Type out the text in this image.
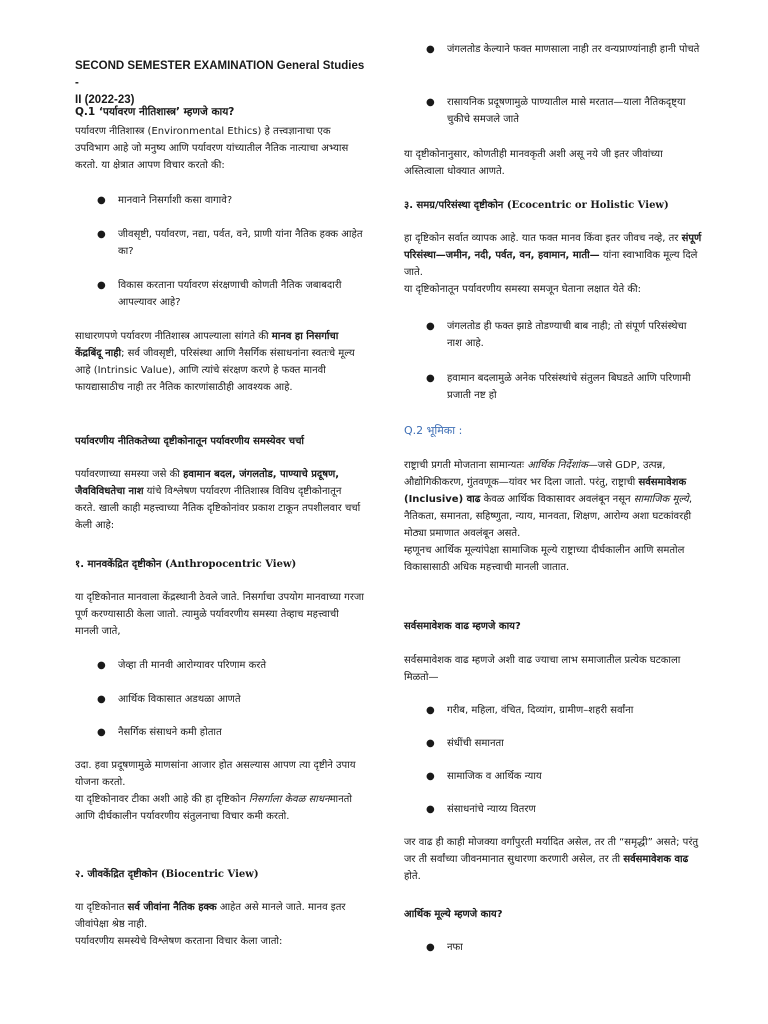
SECOND SEMESTER EXAMINATION General Studies -
II (2022-23)

Q.1 ‘पर्यावरण नीतिशास्त्र’ म्हणजे काय?

पर्यावरण नीतिशास्त्र (Environmental Ethics) हे तत्त्वज्ञानाचा एक उपविभाग आहे जो मनुष्य आणि पर्यावरण यांच्यातील नैतिक नात्याचा अभ्यास करतो. या क्षेत्रात आपण विचार करतो की:

● मानवाने निसर्गाशी कसा वागावे?
● जीवसृष्टी, पर्यावरण, नद्या, पर्वत, वने, प्राणी यांना नैतिक हक्क आहेत का?
● विकास करताना पर्यावरण संरक्षणाची कोणती नैतिक जबाबदारी आपल्यावर आहे?

साधारणपणे पर्यावरण नीतिशास्त्र आपल्याला सांगते की मानव हा निसर्गाचा केंद्रबिंदू नाही; सर्व जीवसृष्टी, परिसंस्था आणि नैसर्गिक संसाधनांना स्वतःचे मूल्य आहे (Intrinsic Value), आणि त्यांचे संरक्षण करणे हे फक्त मानवी फायद्यासाठीच नाही तर नैतिक कारणांसाठीही आवश्यक आहे.

पर्यावरणीय नीतिकतेच्या दृष्टीकोनातून पर्यावरणीय समस्येवर चर्चा

पर्यावरणाच्या समस्या जसे की हवामान बदल, जंगलतोड, पाण्याचे प्रदूषण, जैवविविधतेचा नाश यांचे विश्लेषण पर्यावरण नीतिशास्त्र विविध दृष्टीकोनातून करते. खाली काही महत्त्वाच्या नैतिक दृष्टिकोनांवर प्रकाश टाकून तपशीलवार चर्चा केली आहे:

१. मानवकेंद्रित दृष्टीकोन (Anthropocentric View)

या दृष्टिकोनात मानवाला केंद्रस्थानी ठेवले जाते. निसर्गाचा उपयोग मानवाच्या गरजा पूर्ण करण्यासाठी केला जातो. त्यामुळे पर्यावरणीय समस्या तेव्हाच महत्त्वाची मानली जाते,

● जेव्हा ती मानवी आरोग्यावर परिणाम करते
● आर्थिक विकासात अडथळा आणते
● नैसर्गिक संसाधने कमी होतात

उदा. हवा प्रदूषणामुळे माणसांना आजार होत असल्यास आपण त्या दृष्टीने उपाय योजना करतो.
या दृष्टिकोनावर टीका अशी आहे की हा दृष्टिकोन निसर्गाला केवळ साधनमानतो आणि दीर्घकालीन पर्यावरणीय संतुलनाचा विचार कमी करतो.

२. जीवकेंद्रित दृष्टीकोन (Biocentric View)

या दृष्टिकोनात सर्व जीवांना नैतिक हक्क आहेत असे मानले जाते. मानव इतर जीवांपेक्षा श्रेष्ठ नाही.
पर्यावरणीय समस्येचे विश्लेषण करताना विचार केला जातो:

● जंगलतोड केल्याने फक्त माणसाला नाही तर वन्यप्राण्यांनाही हानी पोचते
● रासायनिक प्रदूषणामुळे पाण्यातील मासे मरतात—याला नैतिकदृष्ट्या चुकीचे समजले जाते

या दृष्टीकोनानुसार, कोणतीही मानवकृती अशी असू नये जी इतर जीवांच्या अस्तित्वाला धोक्यात आणते.

३. समग्र/परिसंस्था दृष्टीकोन (Ecocentric or Holistic View)

हा दृष्टिकोन सर्वात व्यापक आहे. यात फक्त मानव किंवा इतर जीवच नव्हे, तर संपूर्ण परिसंस्था—जमीन, नदी, पर्वत, वन, हवामान, माती— यांना स्वाभाविक मूल्य दिले जाते.
या दृष्टिकोनातून पर्यावरणीय समस्या समजून घेताना लक्षात येते की:

● जंगलतोड ही फक्त झाडे तोडण्याची बाब नाही; तो संपूर्ण परिसंस्थेचा नाश आहे.
● हवामान बदलामुळे अनेक परिसंस्थांचे संतुलन बिघडते आणि परिणामी प्रजाती नष्ट हो

Q.2 भूमिका :

राष्ट्राची प्रगती मोजताना सामान्यतः आर्थिक निर्देशांक—जसे GDP, उत्पन्न, औद्योगिकीकरण, गुंतवणूक—यांवर भर दिला जातो. परंतु, राष्ट्राची सर्वसमावेशक (Inclusive) वाढ केवळ आर्थिक विकासावर अवलंबून नसून सामाजिक मूल्ये, नैतिकता, समानता, सहिष्णुता, न्याय, मानवता, शिक्षण, आरोग्य अशा घटकांवरही मोठ्या प्रमाणात अवलंबून असते.
म्हणूनच आर्थिक मूल्यांपेक्षा सामाजिक मूल्ये राष्ट्राच्या दीर्घकालीन आणि समतोल विकासासाठी अधिक महत्त्वाची मानली जातात.

सर्वसमावेशक वाढ म्हणजे काय?

सर्वसमावेशक वाढ म्हणजे अशी वाढ ज्याचा लाभ समाजातील प्रत्येक घटकाला मिळतो—

● गरीब, महिला, वंचित, दिव्यांग, ग्रामीण–शहरी सर्वांना
● संधींची समानता
● सामाजिक व आर्थिक न्याय
● संसाधनांचे न्याय्य वितरण

जर वाढ ही काही मोजक्या वर्गांपुरती मर्यादित असेल, तर ती “समृद्धी” असते; परंतु जर ती सर्वांच्या जीवनमानात सुधारणा करणारी असेल, तर ती सर्वसमावेशक वाढ होते.

आर्थिक मूल्ये म्हणजे काय?

● नफा
